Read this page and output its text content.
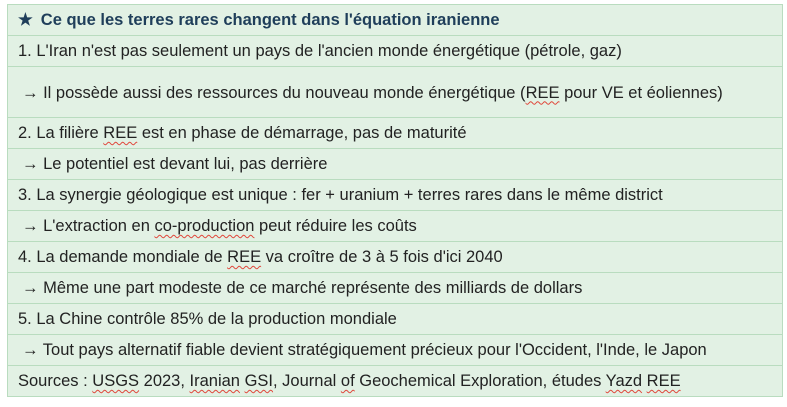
★ Ce que les terres rares changent dans l'équation iranienne
1. L'Iran n'est pas seulement un pays de l'ancien monde énergétique (pétrole, gaz)
→ Il possède aussi des ressources du nouveau monde énergétique (REE pour VE et éoliennes)
2. La filière REE est en phase de démarrage, pas de maturité
→ Le potentiel est devant lui, pas derrière
3. La synergie géologique est unique : fer + uranium + terres rares dans le même district
→ L'extraction en co-production peut réduire les coûts
4. La demande mondiale de REE va croître de 3 à 5 fois d'ici 2040
→ Même une part modeste de ce marché représente des milliards de dollars
5. La Chine contrôle 85% de la production mondiale
→ Tout pays alternatif fiable devient stratégiquement précieux pour l'Occident, l'Inde, le Japon
Sources : USGS 2023, Iranian GSI, Journal of Geochemical Exploration, études Yazd REE
